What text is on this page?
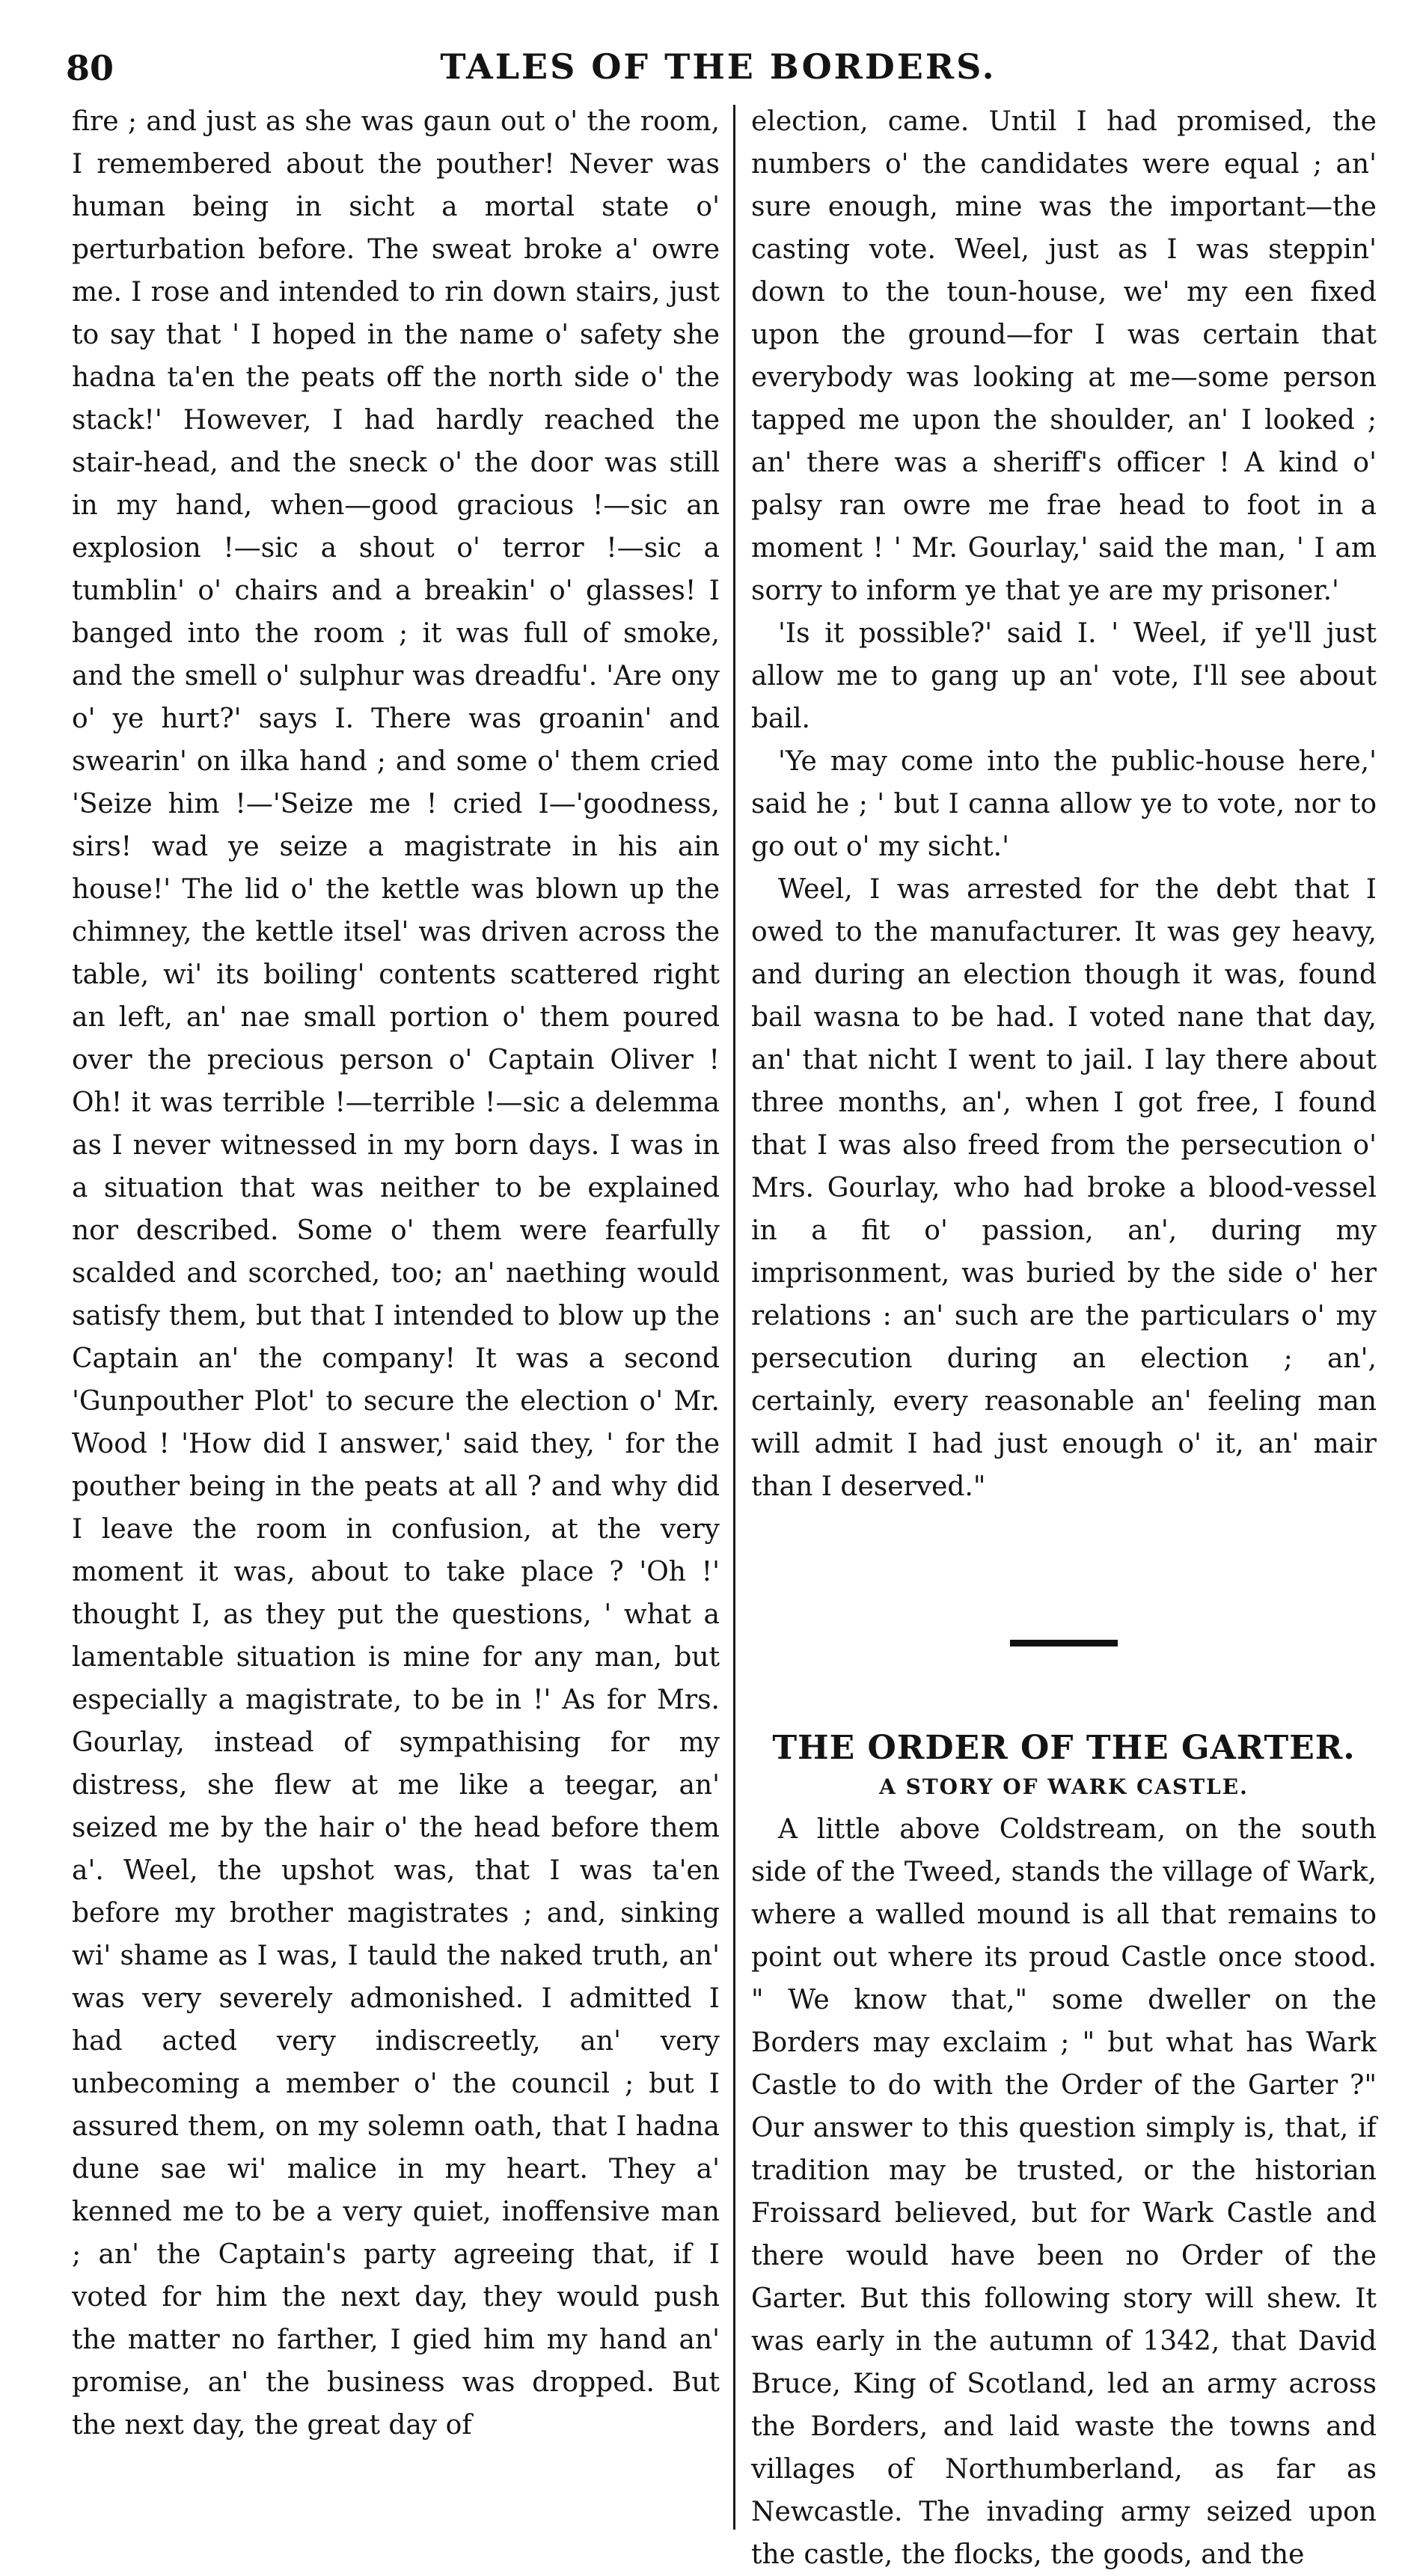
80	TALES OF THE BORDERS.

fire ; and just as she was gaun out o' the room, I remembered about the pouther! Never was human being in sicht a mortal state o' perturbation before. The sweat broke a' owre me. I rose and intended to rin down stairs, just to say that ' I hoped in the name o' safety she hadna ta'en the peats off the north side o' the stack!' However, I had hardly reached the stair-head, and the sneck o' the door was still in my hand, when—good gracious !—sic an explosion !—sic a shout o' terror !—sic a tumblin' o' chairs and a breakin' o' glasses! I banged into the room ; it was full of smoke, and the smell o' sulphur was dreadfu'. 'Are ony o' ye hurt?' says I. There was groanin' and swearin' on ilka hand ; and some o' them cried 'Seize him !—'Seize me ! cried I—'goodness, sirs! wad ye seize a magistrate in his ain house!' The lid o' the kettle was blown up the chimney, the kettle itsel' was driven across the table, wi' its boiling' contents scattered right an left, an' nae small portion o' them poured over the precious person o' Captain Oliver ! Oh! it was terrible !—terrible !—sic a delemma as I never witnessed in my born days. I was in a situation that was neither to be explained nor described. Some o' them were fearfully scalded and scorched, too; an' naething would satisfy them, but that I intended to blow up the Captain an' the company! It was a second 'Gunpouther Plot' to secure the election o' Mr. Wood ! 'How did I answer,' said they, ' for the pouther being in the peats at all ? and why did I leave the room in confusion, at the very moment it was, about to take place ? 'Oh !' thought I, as they put the questions, ' what a lamentable situation is mine for any man, but especially a magistrate, to be in !' As for Mrs. Gourlay, instead of sympathising for my distress, she flew at me like a teegar, an' seized me by the hair o' the head before them a'. Weel, the upshot was, that I was ta'en before my brother magistrates ; and, sinking wi' shame as I was, I tauld the naked truth, an' was very severely admonished. I admitted I had acted very indiscreetly, an' very unbecoming a member o' the council ; but I assured them, on my solemn oath, that I hadna dune sae wi' malice in my heart. They a' kenned me to be a very quiet, inoffensive man ; an' the Captain's party agreeing that, if I voted for him the next day, they would push the matter no farther, I gied him my hand an' promise, an' the business was dropped. But the next day, the great day of

election, came. Until I had promised, the numbers o' the candidates were equal ; an' sure enough, mine was the important—the casting vote. Weel, just as I was steppin' down to the toun-house, we' my een fixed upon the ground—for I was certain that everybody was looking at me—some person tapped me upon the shoulder, an' I looked ; an' there was a sheriff's officer ! A kind o' palsy ran owre me frae head to foot in a moment ! ' Mr. Gourlay,' said the man, ' I am sorry to inform ye that ye are my prisoner.'

'Is it possible?' said I. ' Weel, if ye'll just allow me to gang up an' vote, I'll see about bail.

'Ye may come into the public-house here,' said he ; ' but I canna allow ye to vote, nor to go out o' my sicht.'

Weel, I was arrested for the debt that I owed to the manufacturer. It was gey heavy, and during an election though it was, found bail wasna to be had. I voted nane that day, an' that nicht I went to jail. I lay there about three months, an', when I got free, I found that I was also freed from the persecution o' Mrs. Gourlay, who had broke a blood-vessel in a fit o' passion, an', during my imprisonment, was buried by the side o' her relations : an' such are the particulars o' my persecution during an election ; an', certainly, every reasonable an' feeling man will admit I had just enough o' it, an' mair than I deserved."

THE ORDER OF THE GARTER.
A STORY OF WARK CASTLE.

A little above Coldstream, on the south side of the Tweed, stands the village of Wark, where a walled mound is all that remains to point out where its proud Castle once stood. " We know that," some dweller on the Borders may exclaim ; " but what has Wark Castle to do with the Order of the Garter ?" Our answer to this question simply is, that, if tradition may be trusted, or the historian Froissard believed, but for Wark Castle and there would have been no Order of the Garter. But this following story will shew. It was early in the autumn of 1342, that David Bruce, King of Scotland, led an army across the Borders, and laid waste the towns and villages of Northumberland, as far as Newcastle. The invading army seized upon the castle, the flocks, the goods, and the
